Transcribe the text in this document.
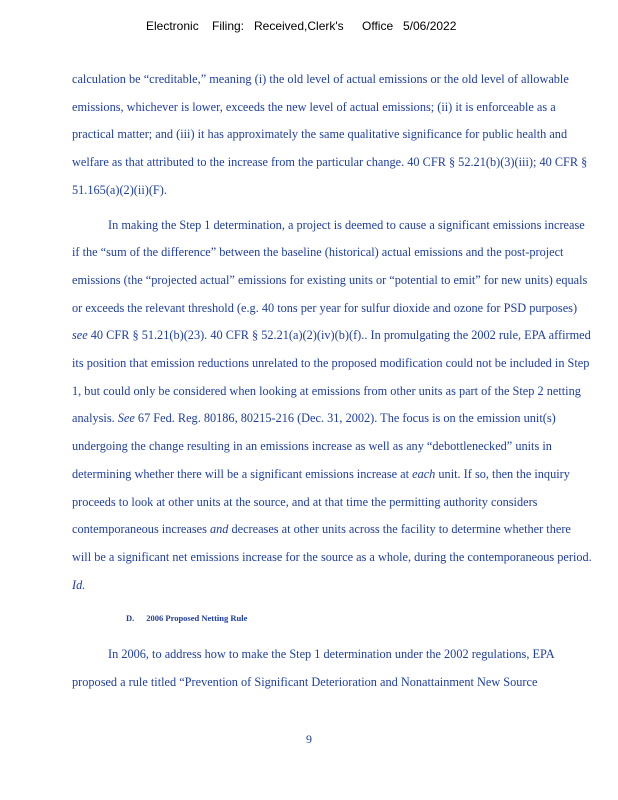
Electronic Filing: Received,Clerk's Office 5/06/2022

calculation be “creditable,” meaning (i) the old level of actual emissions or the old level of allowable emissions, whichever is lower, exceeds the new level of actual emissions; (ii) it is enforceable as a practical matter; and (iii) it has approximately the same qualitative significance for public health and welfare as that attributed to the increase from the particular change. 40 CFR § 52.21(b)(3)(iii); 40 CFR § 51.165(a)(2)(ii)(F).

In making the Step 1 determination, a project is deemed to cause a significant emissions increase if the “sum of the difference” between the baseline (historical) actual emissions and the post-project emissions (the “projected actual” emissions for existing units or “potential to emit” for new units) equals or exceeds the relevant threshold (e.g. 40 tons per year for sulfur dioxide and ozone for PSD purposes) see 40 CFR § 51.21(b)(23). 40 CFR § 52.21(a)(2)(iv)(b)(f).. In promulgating the 2002 rule, EPA affirmed its position that emission reductions unrelated to the proposed modification could not be included in Step 1, but could only be considered when looking at emissions from other units as part of the Step 2 netting analysis. See 67 Fed. Reg. 80186, 80215-216 (Dec. 31, 2002). The focus is on the emission unit(s) undergoing the change resulting in an emissions increase as well as any “debottlenecked” units in determining whether there will be a significant emissions increase at each unit. If so, then the inquiry proceeds to look at other units at the source, and at that time the permitting authority considers contemporaneous increases and decreases at other units across the facility to determine whether there will be a significant net emissions increase for the source as a whole, during the contemporaneous period. Id.

D. 2006 Proposed Netting Rule

In 2006, to address how to make the Step 1 determination under the 2002 regulations, EPA proposed a rule titled “Prevention of Significant Deterioration and Nonattainment New Source

9
